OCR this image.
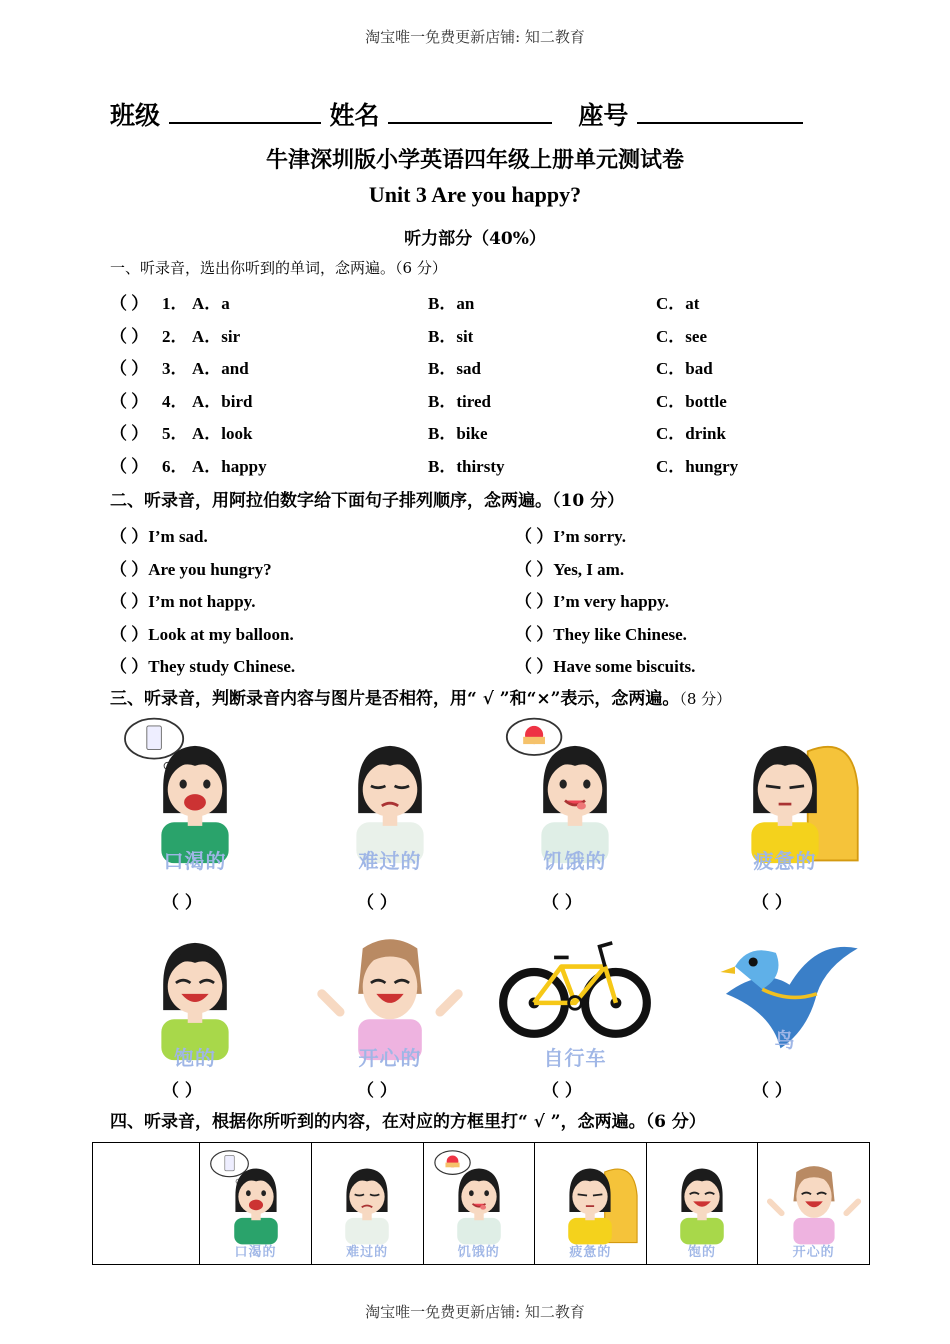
淘宝唯一免费更新店铺: 知二教育
班级	姓名	座号
牛津深圳版小学英语四年级上册单元测试卷
Unit 3 Are you happy?
听力部分（40%）
一、听录音，选出你听到的单词，念两遍。（6 分）
（ ） 1． A．a	B．an	C．at
（ ） 2． A．sir	B．sit	C．see
（ ） 3． A．and	B．sad	C．bad
（ ） 4． A．bird	B．tired	C．bottle
（ ） 5． A．look	B．bike	C．drink
（ ） 6． A．happy	B．thirsty	C．hungry
二、听录音，用阿拉伯数字给下面句子排列顺序，念两遍。（10 分）
（ ）I’m sad.
（ ）Are you hungry?
（ ）I’m not happy.
（ ）Look at my balloon.
（ ）They study Chinese.
（ ）I’m sorry.
（ ）Yes, I am.
（ ）I’m very happy.
（ ）They like Chinese.
（ ）Have some biscuits.
三、听录音，判断录音内容与图片是否相符，用“ √ ”和“×”表示，念两遍。（8 分）
口渴的
（ ）
难过的
（ ）
饥饿的
（ ）
疲惫的
（ ）
饱的
（ ）
开心的
（ ）
自行车
（ ）
鸟
（ ）
四、听录音，根据你所听到的内容，在对应的方框里打“ √ ”，念两遍。（6 分）

口渴的	难过的	饥饿的	疲惫的	饱的	开心的
淘宝唯一免费更新店铺: 知二教育
